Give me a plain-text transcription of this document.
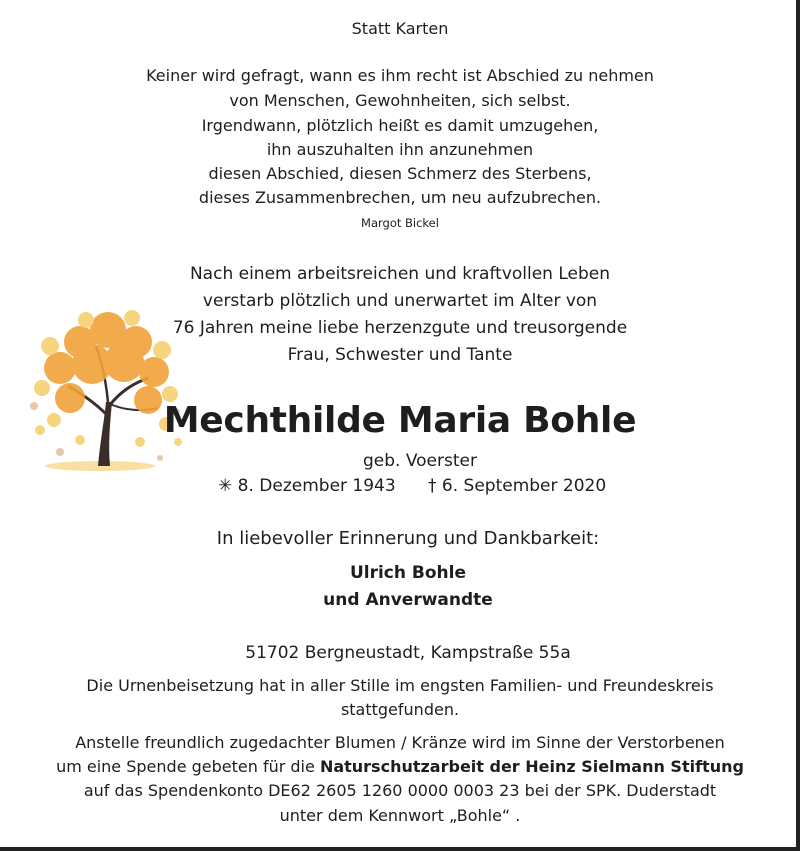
Statt Karten
Keiner wird gefragt, wann es ihm recht ist Abschied zu nehmen
von Menschen, Gewohnheiten, sich selbst.
Irgendwann, plötzlich heißt es damit umzugehen,
ihn auszuhalten ihn anzunehmen
diesen Abschied, diesen Schmerz des Sterbens,
dieses Zusammenbrechen, um neu aufzubrechen.
Margot Bickel
Nach einem arbeitsreichen und kraftvollen Leben
verstarb plötzlich und unerwartet im Alter von
76 Jahren meine liebe herzenzgute und treusorgende
Frau, Schwester und Tante
Mechthilde Maria Bohle
geb. Voerster
✳ 8. Dezember 1943 † 6. September 2020
In liebevoller Erinnerung und Dankbarkeit:
Ulrich Bohle
und Anverwandte
51702 Bergneustadt, Kampstraße 55a
Die Urnenbeisetzung hat in aller Stille im engsten Familien- und Freundeskreis
stattgefunden.
Anstelle freundlich zugedachter Blumen / Kränze wird im Sinne der Verstorbenen
um eine Spende gebeten für die Naturschutzarbeit der Heinz Sielmann Stiftung
auf das Spendenkonto DE62 2605 1260 0000 0003 23 bei der SPK. Duderstadt
unter dem Kennwort „Bohle“ .
